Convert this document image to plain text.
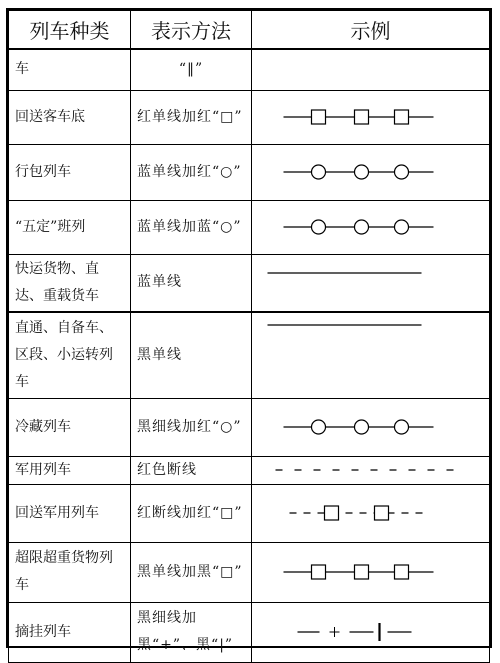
列车种类	表示方法	示例
车	“‖”	

回送客车底	红单线加红“□”	

行包列车	蓝单线加红“○”	

“五定”班列	蓝单线加蓝“○”	

快运货物、直达、重载货车	蓝单线	

直通、自备车、区段、小运转列车	黑单线	

冷藏列车	黑细线加红“○”	

军用列车	红色断线	

回送军用列车	红断线加红“□”	

超限超重货物列车	黑单线加黑“□”	

摘挂列车	黑细线加黑“+”、黑“|”	
